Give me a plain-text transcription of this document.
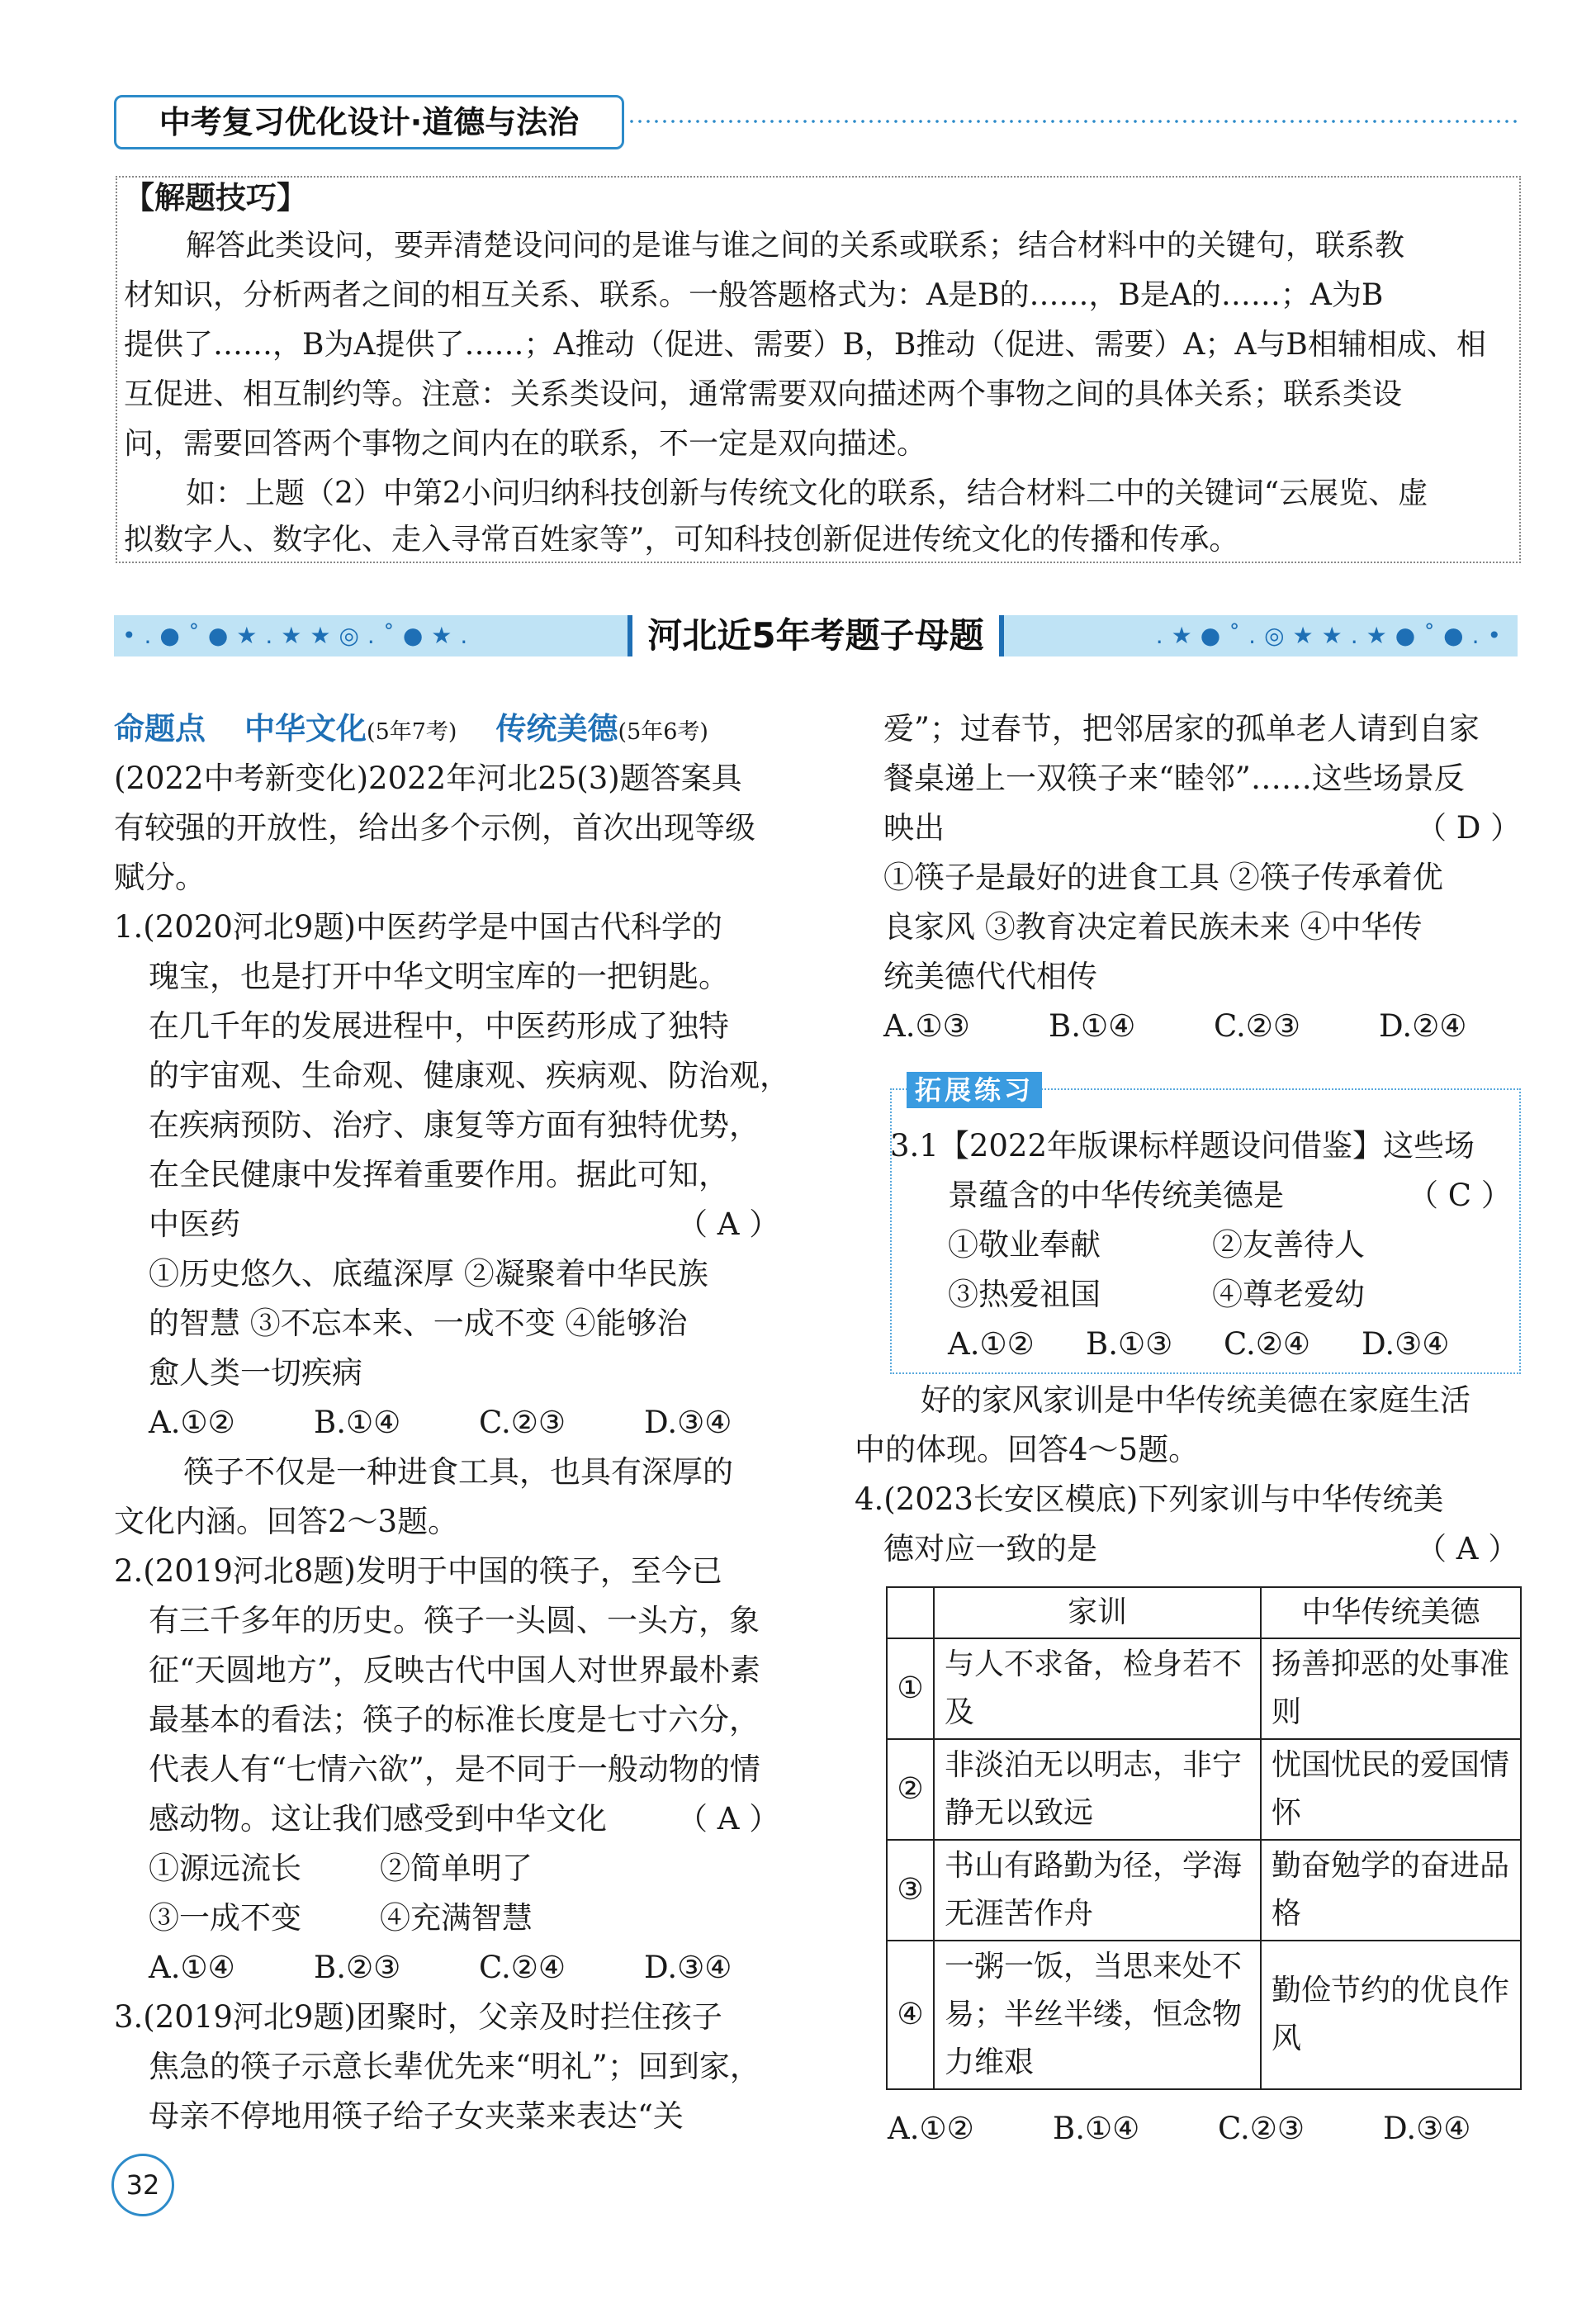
中考复习优化设计·道德与法治
【解题技巧】
解答此类设问，要弄清楚设问问的是谁与谁之间的关系或联系；结合材料中的关键句，联系教
材知识，分析两者之间的相互关系、联系。一般答题格式为：A是B的……，B是A的……；A为B
提供了……，B为A提供了……；A推动（促进、需要）B，B推动（促进、需要）A；A与B相辅相成、相
互促进、相互制约等。注意：关系类设问，通常需要双向描述两个事物之间的具体关系；联系类设
问，需要回答两个事物之间内在的联系，不一定是双向描述。
如：上题（2）中第2小问归纳科技创新与传统文化的联系，结合材料二中的关键词“云展览、虚
拟数字人、数字化、走入寻常百姓家等”，可知科技创新促进传统文化的传播和传承。
•.●˚●★.★★◎.˚●★.	.★●˚.◎★★.★●˚●.•
河北近5年考题子母题
命题点 中华文化(5年7考) 传统美德(5年6考)
(2022中考新变化)2022年河北25(3)题答案具
有较强的开放性，给出多个示例，首次出现等级
赋分。
1.(2020河北9题)中医药学是中国古代科学的
瑰宝，也是打开中华文明宝库的一把钥匙。
在几千年的发展进程中，中医药形成了独特
的宇宙观、生命观、健康观、疾病观、防治观，
在疾病预防、治疗、康复等方面有独特优势，
在全民健康中发挥着重要作用。据此可知，
中医药	（ A ）
①历史悠久、底蕴深厚 ②凝聚着中华民族
的智慧 ③不忘本来、一成不变 ④能够治
愈人类一切疾病
A.①②	B.①④	C.②③	D.③④
筷子不仅是一种进食工具，也具有深厚的
文化内涵。回答2～3题。
2.(2019河北8题)发明于中国的筷子，至今已
有三千多年的历史。筷子一头圆、一头方，象
征“天圆地方”，反映古代中国人对世界最朴素
最基本的看法；筷子的标准长度是七寸六分，
代表人有“七情六欲”，是不同于一般动物的情
感动物。这让我们感受到中华文化 （ A ）
①源远流长	②简单明了
③一成不变	④充满智慧
A.①④	B.②③	C.②④	D.③④
3.(2019河北9题)团聚时，父亲及时拦住孩子
焦急的筷子示意长辈优先来“明礼”；回到家，
母亲不停地用筷子给子女夹菜来表达“关
爱”；过春节，把邻居家的孤单老人请到自家
餐桌递上一双筷子来“睦邻”……这些场景反
映出	（ D ）
①筷子是最好的进食工具 ②筷子传承着优
良家风 ③教育决定着民族未来 ④中华传
统美德代代相传
A.①③	B.①④	C.②③	D.②④
拓展练习
3.1【2022年版课标样题设问借鉴】这些场
景蕴含的中华传统美德是	（ C ）
①敬业奉献	②友善待人
③热爱祖国	④尊老爱幼
A.①② B.①③ C.②④ D.③④
好的家风家训是中华传统美德在家庭生活
中的体现。回答4～5题。
4.(2023长安区模底)下列家训与中华传统美
德对应一致的是	（ A ）
	家训	中华传统美德
①	与人不求备，检身若不及	扬善抑恶的处事准则
②	非淡泊无以明志，非宁静无以致远	忧国忧民的爱国情怀
③	书山有路勤为径，学海无涯苦作舟	勤奋勉学的奋进品格
④	一粥一饭，当思来处不易；半丝半缕，恒念物力维艰	勤俭节约的优良作风
A.①②	B.①④	C.②③	D.③④
32
